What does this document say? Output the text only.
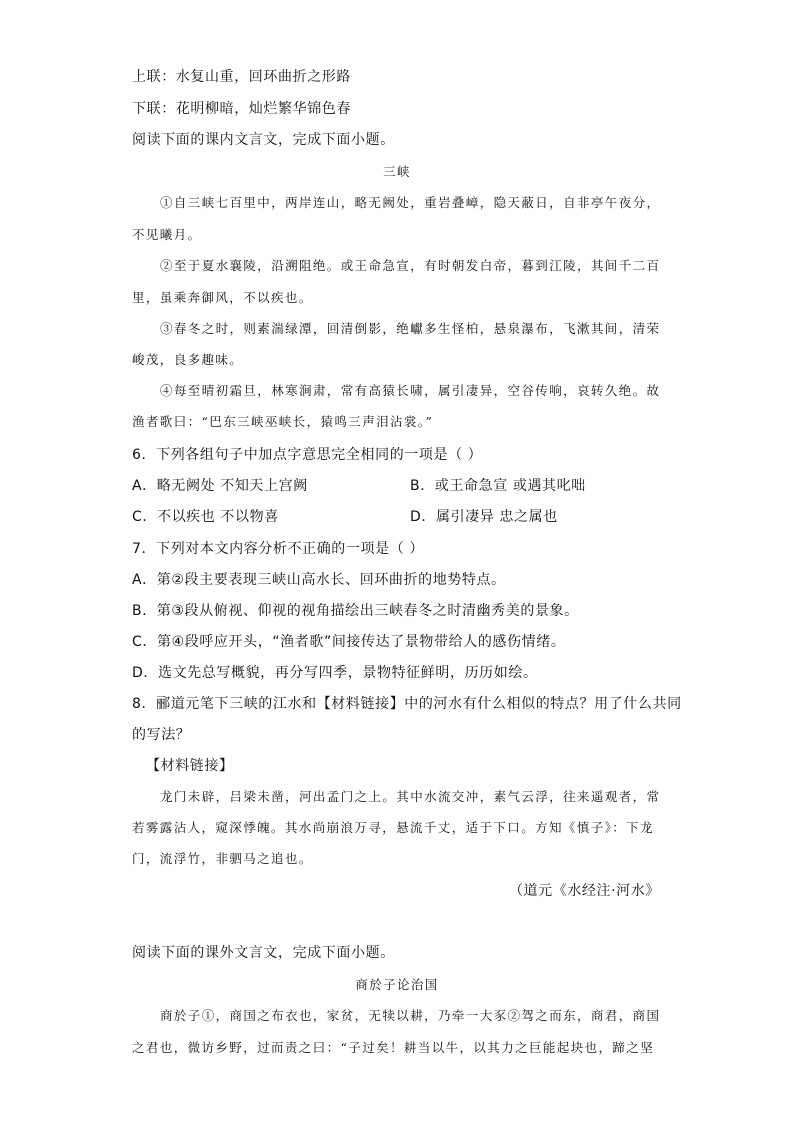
上联：水复山重，回环曲折之形路
下联：花明柳暗，灿烂繁华锦色春
阅读下面的课内文言文，完成下面小题。
三峡
①自三峡七百里中，两岸连山，略无阙处，重岩叠嶂，隐天蔽日，自非亭午夜分，
不见曦月。
②至于夏水襄陵，沿溯阻绝。或王命急宣，有时朝发白帝，暮到江陵，其间千二百
里，虽乘奔御风，不以疾也。
③春冬之时，则素湍绿潭，回清倒影，绝巘多生怪柏，悬泉瀑布，飞漱其间，清荣
峻茂，良多趣味。
④每至晴初霜旦，林寒涧肃，常有高猿长啸，属引凄异，空谷传响，哀转久绝。故
渔者歌曰：“巴东三峡巫峡长，猿鸣三声泪沾裳。”
6．下列各组句子中加点字意思完全相同的一项是（ ）
A．略无阙处 不知天上宫阙	B．或王命急宣 或遇其叱咄
C．不以疾也 不以物喜	D．属引凄异 忠之属也
7．下列对本文内容分析不正确的一项是（ ）
A．第②段主要表现三峡山高水长、回环曲折的地势特点。
B．第③段从俯视、仰视的视角描绘出三峡春冬之时清幽秀美的景象。
C．第④段呼应开头，“渔者歌”间接传达了景物带给人的感伤情绪。
D．选文先总写概貌，再分写四季，景物特征鲜明，历历如绘。
8．郦道元笔下三峡的江水和【材料链接】中的河水有什么相似的特点？用了什么共同
的写法？
【材料链接】
龙门未辟，吕梁未凿，河出孟门之上。其中水流交冲，素气云浮，往来遥观者，常
若雾露沾人，窥深悸魄。其水尚崩浪万寻，悬流千丈，适于下口。方知《慎子》：下龙
门，流浮竹，非驷马之追也。
（道元《水经注·河水》
阅读下面的课外文言文，完成下面小题。
商於子论治国
商於子①，商国之布衣也，家贫，无犊以耕，乃牵一大豕②驾之而东，商君，商国
之君也，微访乡野，过而责之曰：“子过矣！耕当以牛，以其力之巨能起块也，蹄之坚
